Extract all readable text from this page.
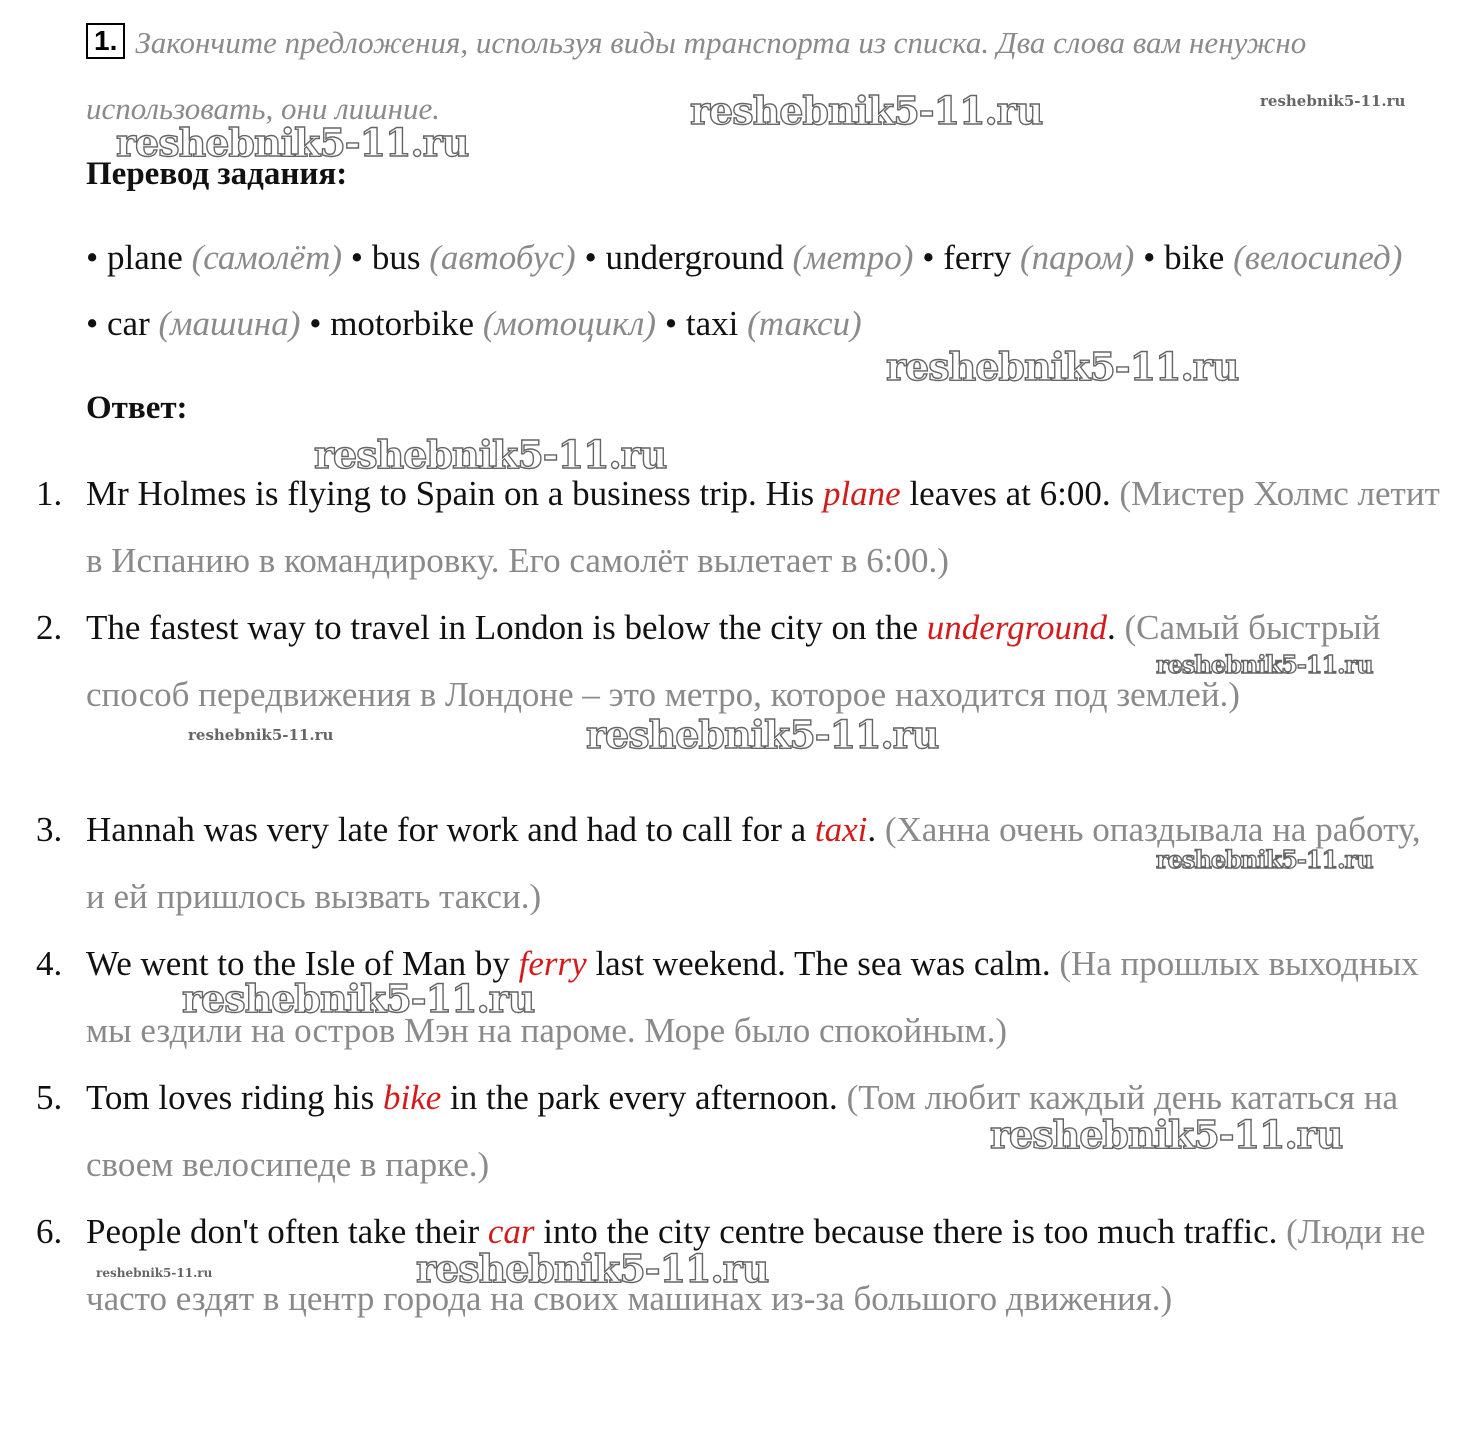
1. Закончите предложения, используя виды транспорта из списка. Два слова вам ненужно использовать, они лишние.
Перевод задания:
• plane (самолёт) • bus (автобус) • underground (метро) • ferry (паром) • bike (велосипед) • car (машина) • motorbike (мотоцикл) • taxi (такси)
Ответ:
1. Mr Holmes is flying to Spain on a business trip. His plane leaves at 6:00. (Мистер Холмс летит в Испанию в командировку. Его самолёт вылетает в 6:00.)
2. The fastest way to travel in London is below the city on the underground. (Самый быстрый способ передвижения в Лондоне – это метро, которое находится под землей.)
3. Hannah was very late for work and had to call for a taxi. (Ханна очень опаздывала на работу, и ей пришлось вызвать такси.)
4. We went to the Isle of Man by ferry last weekend. The sea was calm. (На прошлых выходных мы ездили на остров Мэн на пароме. Море было спокойным.)
5. Tom loves riding his bike in the park every afternoon. (Том любит каждый день кататься на своем велосипеде в парке.)
6. People don't often take their car into the city centre because there is too much traffic. (Люди не часто ездят в центр города на своих машинах из-за большого движения.)
reshebnik5-11.ru	reshebnik5-11.ru
reshebnik5-11.ru
reshebnik5-11.ru
reshebnik5-11.ru
reshebnik5-11.ru
reshebnik5-11.ru	reshebnik5-11.ru
reshebnik5-11.ru
reshebnik5-11.ru
reshebnik5-11.ru
reshebnik5-11.ru	reshebnik5-11.ru
